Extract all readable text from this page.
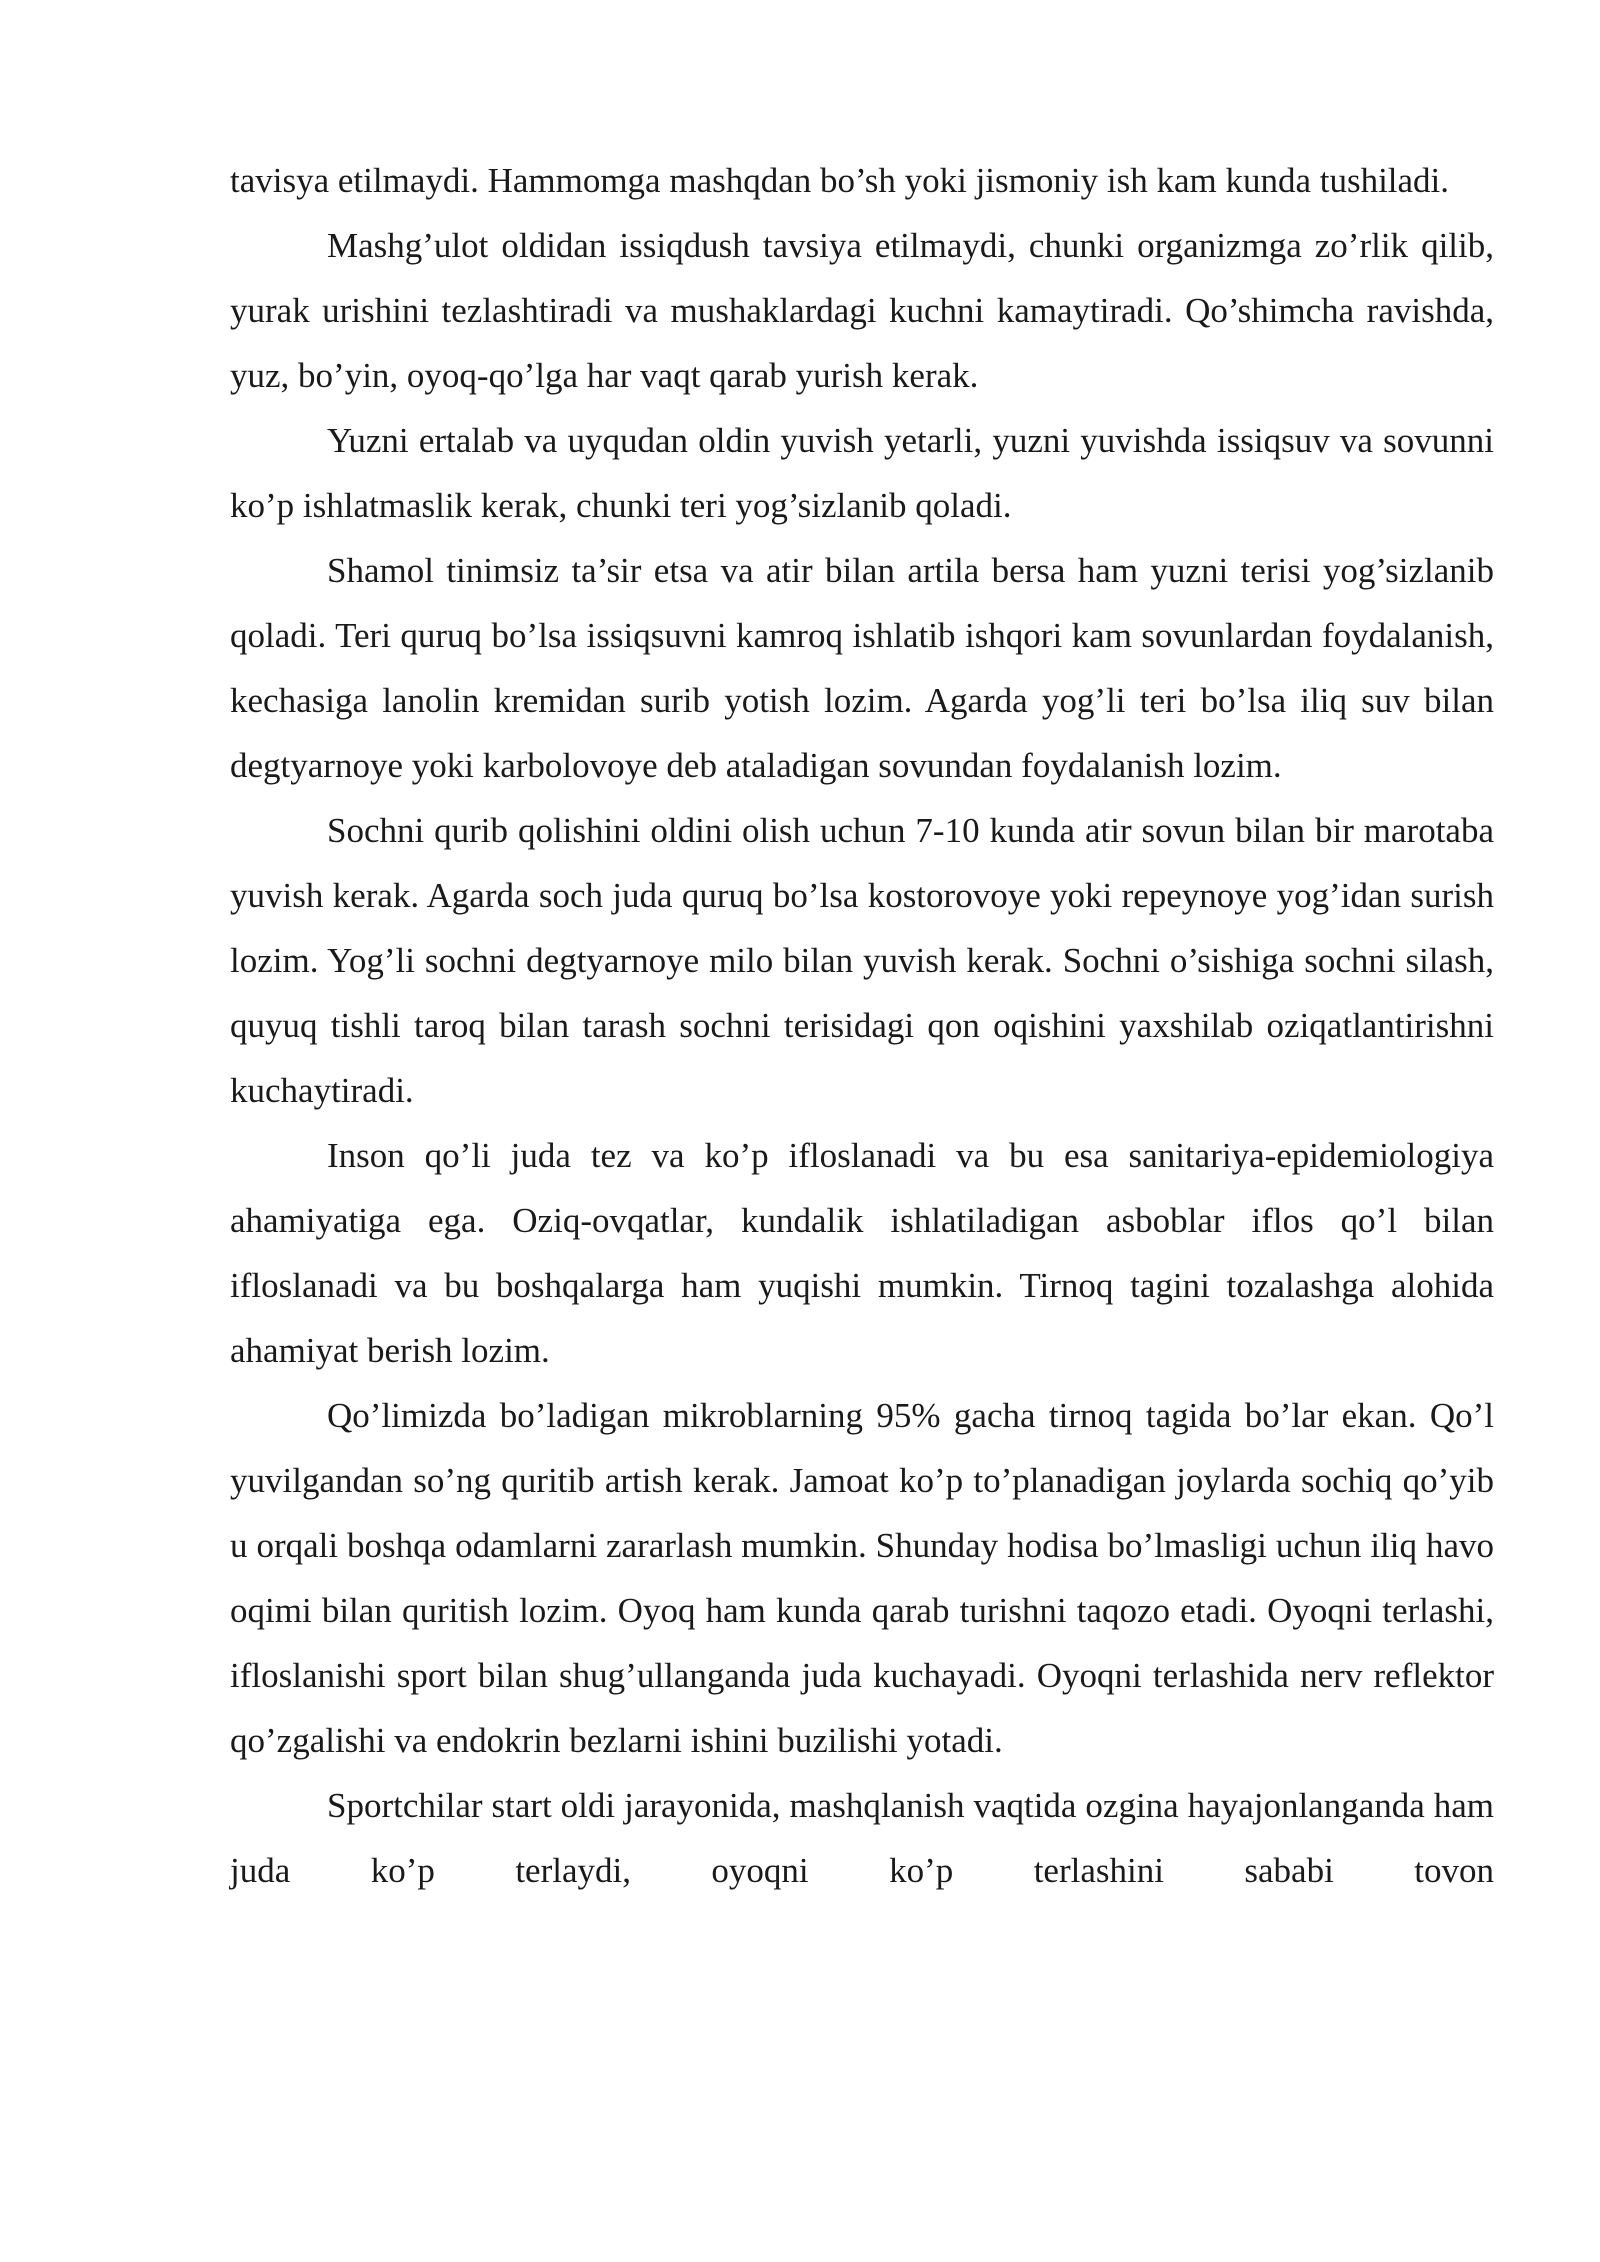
tavisya etilmaydi. Hammomga mashqdan bo’sh yoki jismoniy ish kam kunda tushiladi.

Mashg’ulot oldidan issiqdush tavsiya etilmaydi, chunki organizmga zo’rlik qilib, yurak urishini tezlashtiradi va mushaklardagi kuchni kamaytiradi. Qo’shimcha ravishda, yuz, bo’yin, oyoq-qo’lga har vaqt qarab yurish kerak.

Yuzni ertalab va uyqudan oldin yuvish yetarli, yuzni yuvishda issiqsuv va sovunni ko’p ishlatmaslik kerak, chunki teri yog’sizlanib qoladi.

Shamol tinimsiz ta’sir etsa va atir bilan artila bersa ham yuzni terisi yog’sizlanib qoladi. Teri quruq bo’lsa issiqsuvni kamroq ishlatib ishqori kam sovunlardan foydalanish, kechasiga lanolin kremidan surib yotish lozim. Agarda yog’li teri bo’lsa iliq suv bilan degtyarnoye yoki karbolovoye deb ataladigan sovundan foydalanish lozim.

Sochni qurib qolishini oldini olish uchun 7-10 kunda atir sovun bilan bir marotaba yuvish kerak. Agarda soch juda quruq bo’lsa kostorovoye yoki repeynoye yog’idan surish lozim. Yog’li sochni degtyarnoye milo bilan yuvish kerak. Sochni o’sishiga sochni silash, quyuq tishli taroq bilan tarash sochni terisidagi qon oqishini yaxshilab oziqatlantirishni kuchaytiradi.

Inson qo’li juda tez va ko’p ifloslanadi va bu esa sanitariya-epidemiologiya ahamiyatiga ega. Oziq-ovqatlar, kundalik ishlatiladigan asboblar iflos qo’l bilan ifloslanadi va bu boshqalarga ham yuqishi mumkin. Tirnoq tagini tozalashga alohida ahamiyat berish lozim.

Qo’limizda bo’ladigan mikroblarning 95% gacha tirnoq tagida bo’lar ekan. Qo’l yuvilgandan so’ng quritib artish kerak. Jamoat ko’p to’planadigan joylarda sochiq qo’yib u orqali boshqa odamlarni zararlash mumkin. Shunday hodisa bo’lmasligi uchun iliq havo oqimi bilan quritish lozim. Oyoq ham kunda qarab turishni taqozo etadi. Oyoqni terlashi, ifloslanishi sport bilan shug’ullanganda juda kuchayadi. Oyoqni terlashida nerv reflektor qo’zgalishi va endokrin bezlarni ishini buzilishi yotadi.

Sportchilar start oldi jarayonida, mashqlanish vaqtida ozgina hayajonlanganda ham juda ko’p terlaydi, oyoqni ko’p terlashini sababi tovon
